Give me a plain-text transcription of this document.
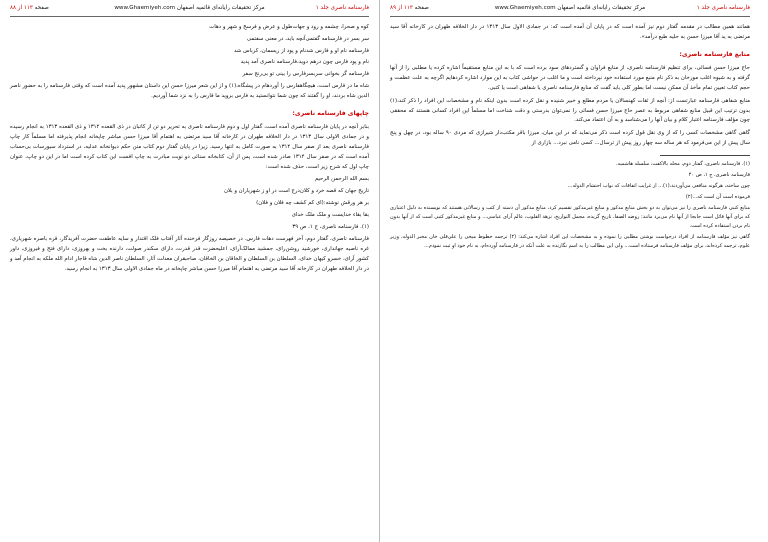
فارسنامه ناصری جلد ۱
مرکز تحقیقات رایانه‌ای قائمیه اصفهان www.Ghaemiyeh.com
صفحه ۱۱۳ از ۸۸

کوه و صحرا، چشمه و رود و جهات‌طول و عرض و فرسخ و شهر و دهات

سر بسر در فارسنامه گفتمی‌آنچه باید، در معنی سفتمی

فارسنامه نام او و فارس شدنام و پود از ریسمان، کرباس شد

نام و پود فارس چون درهم دوید،فارسنامه ناصری آمد پدید

فارسنامه گر بخوانی سربسرفارس را بینی تو بی‌رنج سفر

شاه ما در فارس است، هیچگاهفارس را آوردهام در پیشگاه،‌(۱) و از این شعر میرزا حسن این داستان مشهور پدید آمده است که وقتی فارسنامه را به حضور ناصر الدین شاه بردند، او را گفتند که چون شما نتوانستید به فارس بروید ما فارس را به نزد شما آوردیم.

چاپهای فارسنامه ناصری:

بنابر آنچه در پایان فارسنامه ناصری آمده است، گفتار اول و دوم فارسنامه ناصری به تحریر دو تن از کاتبان در ذی القعده ۱۳۱۲ و ذی القعده ۱۳۱۳ به انجام رسیده و در جمادی الاولی سال ۱۳۱۳ در دار الخلافه طهران در کارخانه آقا سید مرتضی به اهتمام آقا میرزا حسن مباشر چاپخانه انجام پذیرفته اما مسلماً کار چاپ فارسنامه ناصری بعد از صفر سال ۱۳۱۴ به صورت کامل به انتها رسید. زیرا در پایان گفتار دوم کتاب متن حکم دیوانخانه عدلیه، در استرداد سیورسات بی‌حساب آمده است که در صفر سال ۱۳۱۴ صادر شده است، پس از آن، کتابخانه سنائی دو نوبت مبادرت به چاپ افست این کتاب کرده است اما در این دو چاپ، عنوان چاپ اول که شرح زیر است، حذف شده است:

بسم الله الرحمن الرحیم

تاریخ جهان که قصه خرد و کلان‌درج است در او ز شهریاران و بلان

بر هر ورقش نوشته‌:‌(ای کم کشف چه فلان و فلان)

بقا بقاء خدایست و ملک ملک خدای

(۱). فارسنامه ناصری، ج ۱، ص ۳۹

فارسنامه ناصری، گفتار دوم، آخر فهرست دهات فارس. در خصیصه روزگار فرخنده آثار آفتاب فلک اقتدار و سایه عاطفت حضرت آفریدگار، قره باصره شهریاری، غره ناصیه جهانداری، خورشید روشن‌رای، جمشید ممالک‌آرای، اعلیحضرت قدر قدرت، دارای سکندر صولت، دارنده بخت و بهروزی، دارای فتح و فیروزی، داور کشور آرای، خسرو کیهان خدای، السلطان بن السلطان و الخاقان بن الخاقان، صاحبقران معدلت آثار، السلطان ناصر الدین شاه قاجار ادام الله ملکه به انجام آمد و در دار الخلافه طهران در کارخانه آقا سید مرتضی به اهتمام آقا میرزا حسن مباشر چاپخانه در ماه جمادی الاولی سال ۱۳۱۳ به انجام رسید.

فارسنامه ناصری جلد ۱
مرکز تحقیقات رایانه‌ای قائمیه اصفهان www.Ghaemiyeh.com
صفحه ۱۱۳ از ۸۹

همانند همین مطالب در مقدمه گفتار دوم نیز آمده است که در پایان آن آمده است که: در جمادی الاول سال ۱۳۱۳ در دار الخلافه طهران در کارخانه آقا سید مرتضی به ید آقا میرزا حسن به حلیه طبع درآمد».

منابع فارسنامه ناصری:

حاج میرزا حسن فسائی، برای تنظیم فارسنامه ناصری، از منابع فراوان و گستردهای سود برده است که با به این منابع مستقیماً اشاره کرده یا مطلبی را از آنها گرفته و به شیوه اغلب مورخان به ذکر نام منبع مورد استفاده خود نپرداخته است و ما اغلب در حواشی کتاب به این موارد اشاره کردهایم اگرچه به علت عظمت و حجم کتاب تعیین تمام مأخذ آن ممکن نیست اما بطور کلی باید گفت که منابع فارسنامه ناصری یا شفاهی است یا کتبی.

منابع شفاهی فارسنامه عبارتست از: آنچه از ثقات کهنسالان یا مردم مطلع و خبیر شنیده و نقل کرده است بدون اینکه نام و مشخصات این افراد را ذکر کند،‌(۱) بدون ترتیب این قبیل منابع شفاهی مربوط به عصر حاج میرزا حسن فسائی را نمی‌توان بدرستی و دقت شناخت اما مسلماً این افراد کسانی هستند که محققی چون مؤلف فارسنامه اعتبار کلام و بیان آنها را می‌شناسد و به آن اعتماد می‌کند.

گاهی گاهی مشخصات کسی را که از وی نقل قول کرده است ذکر می‌نماید که در این میان، میرزا باقر مکتب‌دار شیرازی که مردی ۹۰ ساله بود، در چهل و پنج سال پیش از این می‌فرمود که هر ساله سه چهار روز پیش از ترسال... کسی نامی نبرد... بازاری از

(۱). فارسنامه ناصری، گفتار دوم، محله بالاکفت، سلسله هاشمیه.

فارسنامه ناصری، ج ۱، ص ۴۰

چون ساخته، هرگونه منافعی می‌آوردند،‌(۱)... از غرایب اتفاقات که نواب احتشام الدوله...

فرموده است آن است که...(۲)

منابع کتبی فارسنامه ناصری را نیز می‌توان به دو بخش منابع مذکور و منابع غیرمذکور تقسیم کرد، منابع مذکور آن دسته از کتب و رسالاتی هستند که نویسنده به دلیل اعتباری که برای آنها قائل است جابجا از آنها نام می‌برد مانند: روضه الصفا، تاریخ گزیده، مجمل التواریخ، نزهة القلوب، عالم آرای عباسی... و منابع غیرمذکور کتبی است که از آنها بدون نام بردن استفاده کرده است.

گاهی نیز مؤلف فارسنامه از افراد درخواست نوشتن مطلبی را نموده و به مشخصات این افراد اشاره می‌کند: ‌(۲) ترجمه خطوط میخی را علی‌قلی خان مخبر الدوله، وزیر علوم، ترجمه کرده‌اند، برای مؤلف فارسنامه فرستاده است... ولی این مطالب را به اسم نگارنده به علت آنکه در فارسنامه آورده‌ام، به نام خود او ثبت نمودم...
